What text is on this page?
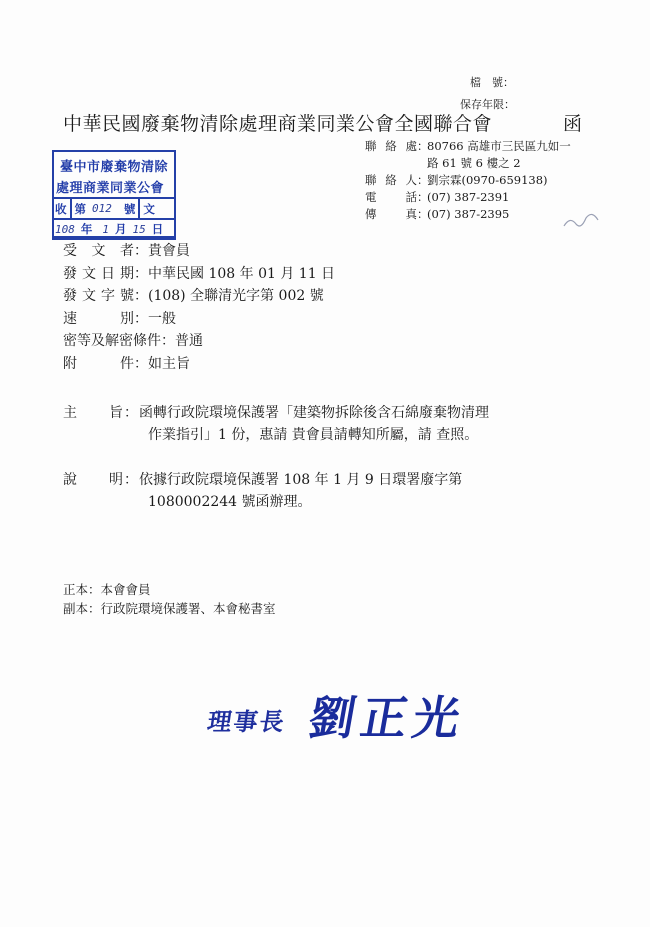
檔　號：
保存年限：
中華民國廢棄物清除處理商業同業公會全國聯合會	函
聯絡處 ：
80766 高雄市三民區九如一
路 61 號 6 樓之 2
聯絡人 ：
劉宗霖(0970-659138)
電話 ：
(07) 387-2391
傳真 ：
(07) 387-2395
臺中市廢棄物清除
處理商業同業公會
收 第 012 號 文
108 年 1 月 15 日
受文者 ： 貴會員
發文日期 ： 中華民國 108 年 01 月 11 日
發文字號 ： (108) 全聯清光字第 002 號
速別 ： 一般
密等及解密條件 ： 普通
附件 ： 如主旨
主旨：函轉行政院環境保護署「建築物拆除後含石綿廢棄物清理
作業指引」1 份，惠請 貴會員請轉知所屬，請 查照。
說明：依據行政院環境保護署 108 年 1 月 9 日環署廢字第
1080002244 號函辦理。
正本：本會會員
副本：行政院環境保護署、本會秘書室
理事長 劉正光
